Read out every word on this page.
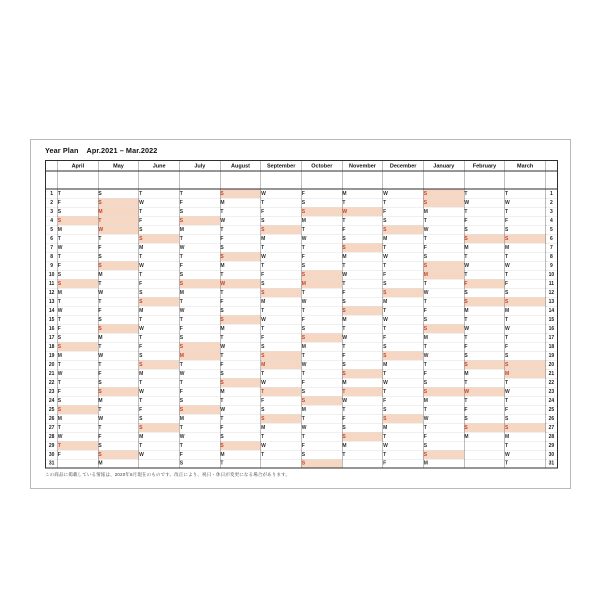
Year Plan Apr.2021 – Mar.2022
	April	May	June	July	August	September	October	November	December	January	February	March	

1	T	S	T	T	S	W	F	M	W	S	T	T	1
2	F	S	W	F	M	T	S	T	T	S	W	W	2
3	S	M	T	S	T	F	S	W	F	M	T	T	3
4	S	T	F	S	W	S	M	T	S	T	F	F	4
5	M	W	S	M	T	S	T	F	S	W	S	S	5
6	T	T	S	T	F	M	W	S	M	T	S	S	6
7	W	F	M	W	S	T	T	S	T	F	M	M	7
8	T	S	T	T	S	W	F	M	W	S	T	T	8
9	F	S	W	F	M	T	S	T	T	S	W	W	9
10	S	M	T	S	T	F	S	W	F	M	T	T	10
11	S	T	F	S	W	S	M	T	S	T	F	F	11
12	M	W	S	M	T	S	T	F	S	W	S	S	12
13	T	T	S	T	F	M	W	S	M	T	S	S	13
14	W	F	M	W	S	T	T	S	T	F	M	M	14
15	T	S	T	T	S	W	F	M	W	S	T	T	15
16	F	S	W	F	M	T	S	T	T	S	W	W	16
17	S	M	T	S	T	F	S	W	F	M	T	T	17
18	S	T	F	S	W	S	M	T	S	T	F	F	18
19	M	W	S	M	T	S	T	F	S	W	S	S	19
20	T	T	S	T	F	M	W	S	M	T	S	S	20
21	W	F	M	W	S	T	T	S	T	F	M	M	21
22	T	S	T	T	S	W	F	M	W	S	T	T	22
23	F	S	W	F	M	T	S	T	T	S	W	W	23
24	S	M	T	S	T	F	S	W	F	M	T	T	24
25	S	T	F	S	W	S	M	T	S	T	F	F	25
26	M	W	S	M	T	S	T	F	S	W	S	S	26
27	T	T	S	T	F	M	W	S	M	T	S	S	27
28	W	F	M	W	S	T	T	S	T	F	M	M	28
29	T	S	T	T	S	W	F	M	W	S		T	29
30	F	S	W	F	M	T	S	T	T	S		W	30
31		M		S	T		S		F	M		T	31
この商品に掲載している情報は、2020年6月現在のものです。改正により、祝日・休日が変更になる場合があります。
